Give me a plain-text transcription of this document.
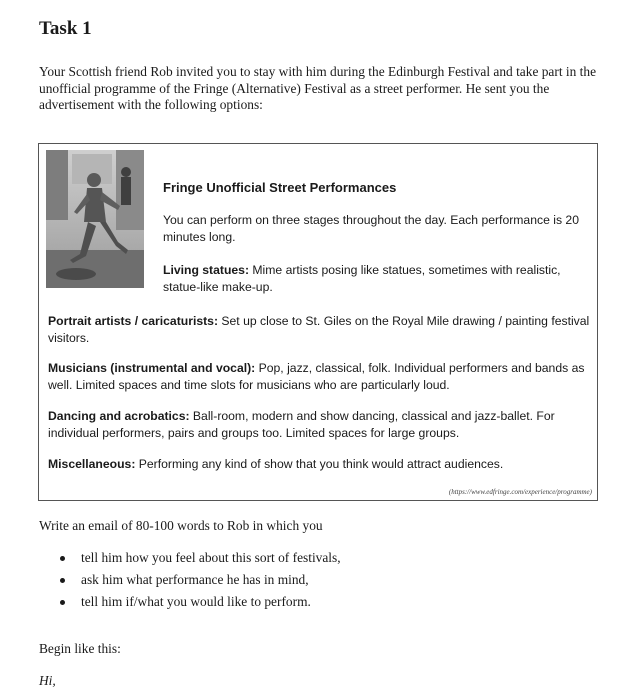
Task 1
Your Scottish friend Rob invited you to stay with him during the Edinburgh Festival and take part in the unofficial programme of the Fringe (Alternative) Festival as a street performer. He sent you the advertisement with the following options:
Fringe Unofficial Street Performances
You can perform on three stages throughout the day. Each performance is 20 minutes long.
Living statues: Mime artists posing like statues, sometimes with realistic, statue-like make-up.
Portrait artists / caricaturists: Set up close to St. Giles on the Royal Mile drawing / painting festival visitors.
Musicians (instrumental and vocal): Pop, jazz, classical, folk. Individual performers and bands as well. Limited spaces and time slots for musicians who are particularly loud.
Dancing and acrobatics: Ball-room, modern and show dancing, classical and jazz-ballet. For individual performers, pairs and groups too. Limited spaces for large groups.
Miscellaneous: Performing any kind of show that you think would attract audiences.
(https://www.edfringe.com/experience/programme)
Write an email of 80-100 words to Rob in which you
tell him how you feel about this sort of festivals,
ask him what performance he has in mind,
tell him if/what you would like to perform.
Begin like this:
Hi,
